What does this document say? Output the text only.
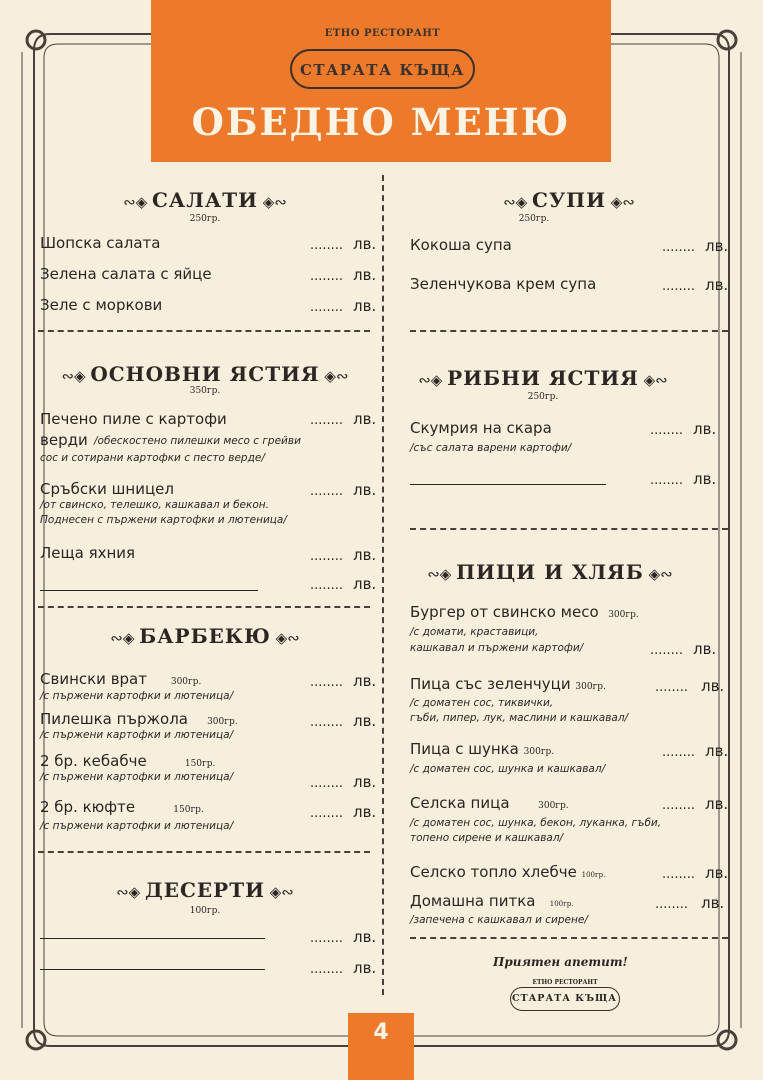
ЕТНО РЕСТОРАНТ
СТАРАТА КЪЩА
ОБЕДНО МЕНЮ
∾◈ САЛАТИ ◈∾
250гр.
Шопска салата	........ лв.
Зелена салата с яйце	........ лв.
Зеле с моркови	........ лв.
∾◈ ОСНОВНИ ЯСТИЯ ◈∾
350гр.
Печено пиле с картофи	........ лв.
верди /обескостено пилешки месо с грейви
сос и сотирани картофки с песто верде/
Сръбски шницел	........ лв.
/от свинско, телешко, кашкавал и бекон.
Поднесен с пържени картофки и лютеница/
Леща яхния	........ лв.
........ лв.
∾◈ БАРБЕКЮ ◈∾
Свински врат	300гр.	........ лв.
/с пържени картофки и лютеница/
Пилешка пържола 300гр.	........ лв.
/с пържени картофки и лютеница/
2 бр. кебабче	150гр.
........ лв.
/с пържени картофки и лютеница/
2 бр. кюфте	150гр.	........ лв.
/с пържени картофки и лютеница/
∾◈ ДЕСЕРТИ ◈∾
100гр.
........ лв.
........ лв.
∾◈ СУПИ ◈∾
250гр.
Кокоша супа	........ лв.
Зеленчукова крем супа	........ лв.
∾◈ РИБНИ ЯСТИЯ ◈∾
250гр.
Скумрия на скара	........ лв.
/със салата варени картофи/
........ лв.
∾◈ ПИЦИ И ХЛЯБ ◈∾
Бургер от свинско месо 300гр.
/с домати, краставици,
кашкавал и пържени картофи/	........ лв.
Пица със зеленчуци 300гр.	........ лв.
/с доматен сос, тиквички,
гъби, пипер, лук, маслини и кашкавал/
Пица с шунка 300гр.	........ лв.
/с доматен сос, шунка и кашкавал/
Селска пица	300гр.	........ лв.
/с доматен сос, шунка, бекон, луканка, гъби,
топено сирене и кашкавал/
Селско топло хлебче 100гр.	........ лв.
Домашна питка 100гр.	........ лв.
/запечена с кашкавал и сирене/
Приятен апетит!
ЕТНО РЕСТОРАНТ
СТАРАТА КЪЩА
4
